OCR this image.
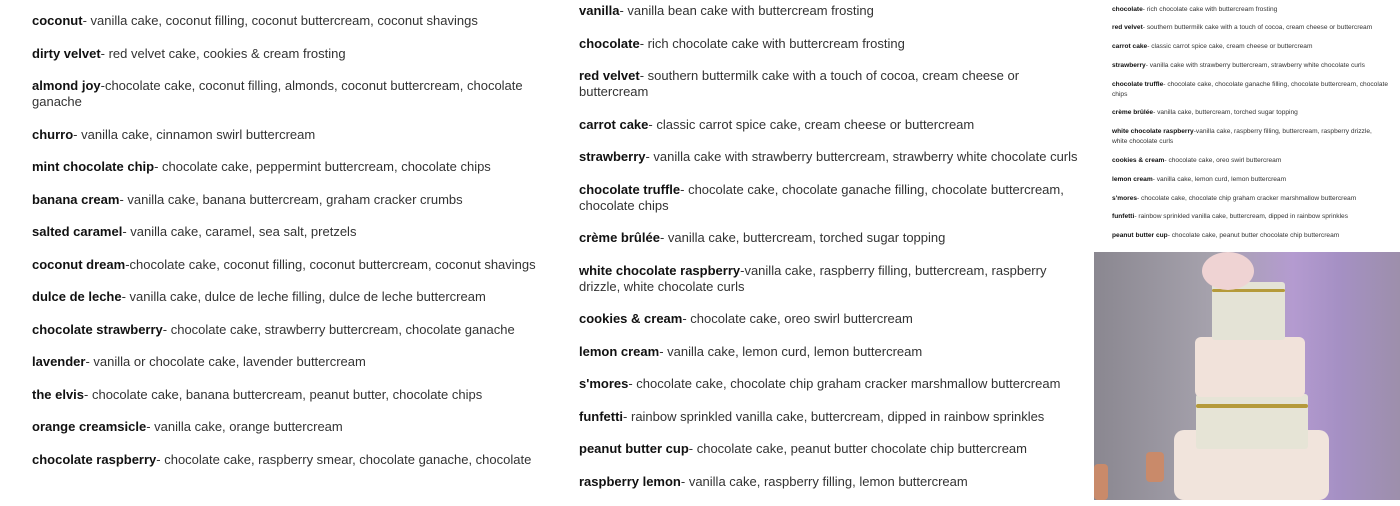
coconut- vanilla cake, coconut filling, coconut buttercream, coconut shavings

dirty velvet- red velvet cake, cookies & cream frosting

almond joy-chocolate cake, coconut filling, almonds, coconut buttercream, chocolate ganache

churro- vanilla cake, cinnamon swirl buttercream

mint chocolate chip- chocolate cake, peppermint buttercream, chocolate chips

banana cream- vanilla cake, banana buttercream, graham cracker crumbs

salted caramel- vanilla cake, caramel, sea salt, pretzels

coconut dream-chocolate cake, coconut filling, coconut buttercream, coconut shavings

dulce de leche- vanilla cake, dulce de leche filling, dulce de leche buttercream

chocolate strawberry- chocolate cake, strawberry buttercream, chocolate ganache

lavender- vanilla or chocolate cake, lavender buttercream

the elvis- chocolate cake, banana buttercream, peanut butter, chocolate chips

orange creamsicle- vanilla cake, orange buttercream

chocolate raspberry- chocolate cake, raspberry smear, chocolate ganache, chocolate

vanilla- vanilla bean cake with buttercream frosting

chocolate- rich chocolate cake with buttercream frosting

red velvet- southern buttermilk cake with a touch of cocoa, cream cheese or buttercream

carrot cake- classic carrot spice cake, cream cheese or buttercream

strawberry- vanilla cake with strawberry buttercream, strawberry white chocolate curls

chocolate truffle- chocolate cake, chocolate ganache filling, chocolate buttercream, chocolate chips

crème brûlée- vanilla cake, buttercream, torched sugar topping

white chocolate raspberry-vanilla cake, raspberry filling, buttercream, raspberry drizzle, white chocolate curls

cookies & cream- chocolate cake, oreo swirl buttercream

lemon cream- vanilla cake, lemon curd, lemon buttercream

s'mores- chocolate cake, chocolate chip graham cracker marshmallow buttercream

funfetti- rainbow sprinkled vanilla cake, buttercream, dipped in rainbow sprinkles

peanut butter cup- chocolate cake, peanut butter chocolate chip buttercream

raspberry lemon- vanilla cake, raspberry filling, lemon buttercream

chocolate- rich chocolate cake with buttercream frosting

red velvet- southern buttermilk cake with a touch of cocoa, cream cheese or buttercream

carrot cake- classic carrot spice cake, cream cheese or buttercream

strawberry- vanilla cake with strawberry buttercream, strawberry white chocolate curls

chocolate truffle- chocolate cake, chocolate ganache filling, chocolate buttercream, chocolate chips

crème brûlée- vanilla cake, buttercream, torched sugar topping

white chocolate raspberry-vanilla cake, raspberry filling, buttercream, raspberry drizzle, white chocolate curls

cookies & cream- chocolate cake, oreo swirl buttercream

lemon cream- vanilla cake, lemon curd, lemon buttercream

s'mores- chocolate cake, chocolate chip graham cracker marshmallow buttercream

funfetti- rainbow sprinkled vanilla cake, buttercream, dipped in rainbow sprinkles

peanut butter cup- chocolate cake, peanut butter chocolate chip buttercream
